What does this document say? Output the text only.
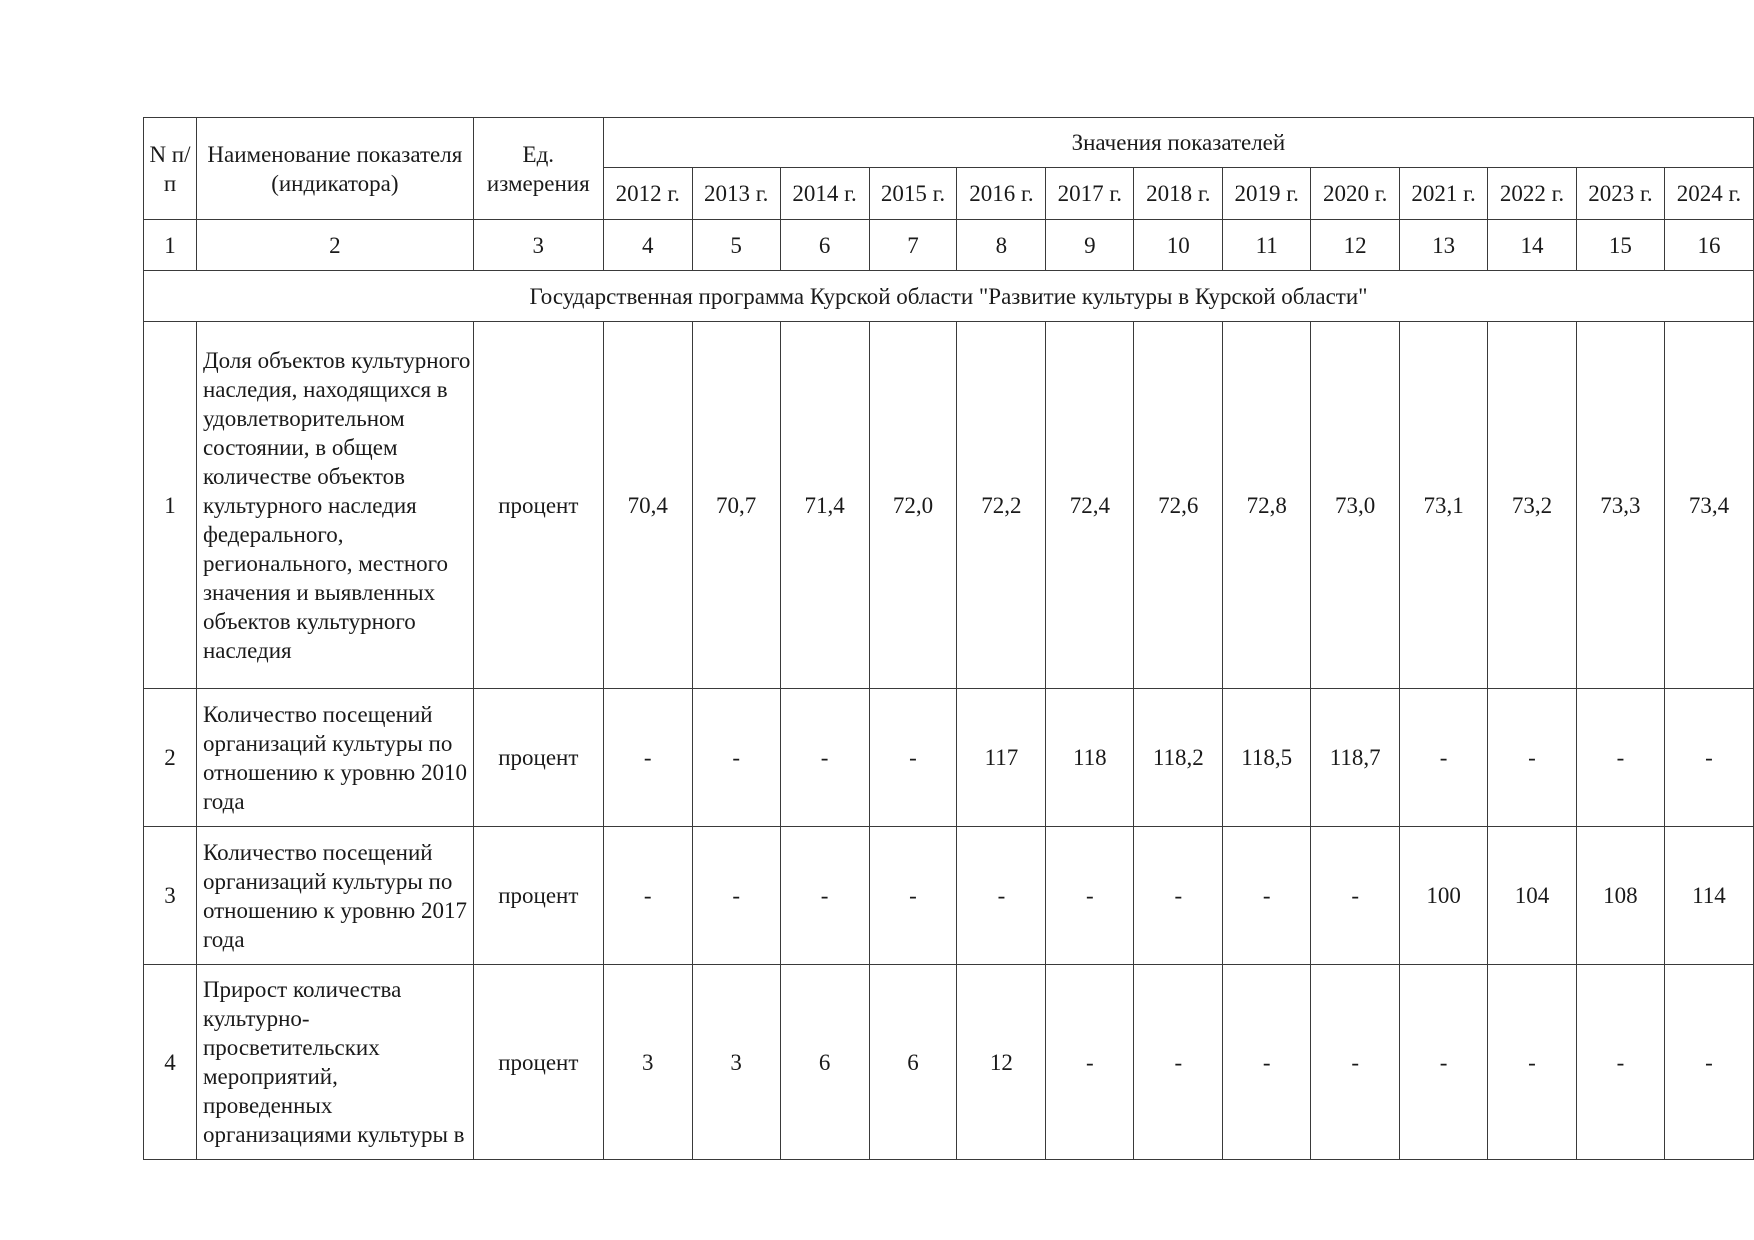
N п/п	Наименование показателя (индикатора)	Ед. измерения	Значения показателей												
			2012 г.	2013 г.	2014 г.	2015 г.	2016 г.	2017 г.	2018 г.	2019 г.	2020 г.	2021 г.	2022 г.	2023 г.	2024 г.
1	2	3	4	5	6	7	8	9	10	11	12	13	14	15	16
Государственная программа Курской области "Развитие культуры в Курской области"															
1	Доля объектов культурного наследия, находящихся в удовлетворительном состоянии, в общем количестве объектов культурного наследия федерального, регионального, местного значения и выявленных объектов культурного наследия	процент	70,4	70,7	71,4	72,0	72,2	72,4	72,6	72,8	73,0	73,1	73,2	73,3	73,4
2	Количество посещений организаций культуры по отношению к уровню 2010 года	процент	-	-	-	-	117	118	118,2	118,5	118,7	-	-	-	-
3	Количество посещений организаций культуры по отношению к уровню 2017 года	процент	-	-	-	-	-	-	-	-	-	100	104	108	114
4	Прирост количества культурно-просветительских мероприятий, проведенных организациями культуры в	процент	3	3	6	6	12	-	-	-	-	-	-	-	-
